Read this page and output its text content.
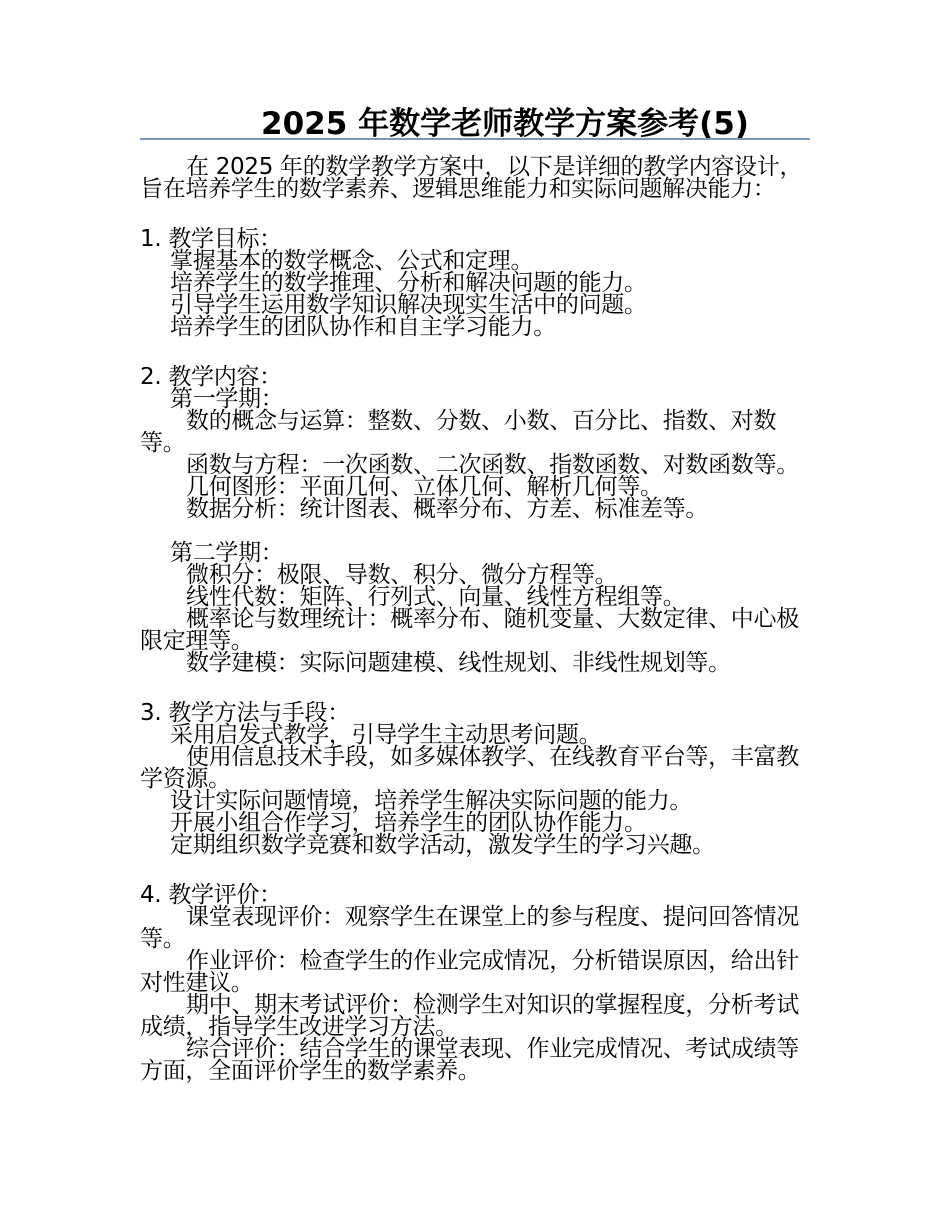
2025 年数学老师教学方案参考(5)

在 2025 年的数学教学方案中，以下是详细的教学内容设计，旨在培养学生的数学素养、逻辑思维能力和实际问题解决能力：

1. 教学目标：

掌握基本的数学概念、公式和定理。

培养学生的数学推理、分析和解决问题的能力。

引导学生运用数学知识解决现实生活中的问题。

培养学生的团队协作和自主学习能力。

2. 教学内容：

第一学期：

数的概念与运算：整数、分数、小数、百分比、指数、对数等。

函数与方程：一次函数、二次函数、指数函数、对数函数等。

几何图形：平面几何、立体几何、解析几何等。

数据分析：统计图表、概率分布、方差、标准差等。

第二学期：

微积分：极限、导数、积分、微分方程等。

线性代数：矩阵、行列式、向量、线性方程组等。

概率论与数理统计：概率分布、随机变量、大数定律、中心极限定理等。

数学建模：实际问题建模、线性规划、非线性规划等。

3. 教学方法与手段：

采用启发式教学，引导学生主动思考问题。

使用信息技术手段，如多媒体教学、在线教育平台等，丰富教学资源。

设计实际问题情境，培养学生解决实际问题的能力。

开展小组合作学习，培养学生的团队协作能力。

定期组织数学竞赛和数学活动，激发学生的学习兴趣。

4. 教学评价：

课堂表现评价：观察学生在课堂上的参与程度、提问回答情况等。

作业评价：检查学生的作业完成情况，分析错误原因，给出针对性建议。

期中、期末考试评价：检测学生对知识的掌握程度，分析考试成绩，指导学生改进学习方法。

综合评价：结合学生的课堂表现、作业完成情况、考试成绩等方面，全面评价学生的数学素养。
